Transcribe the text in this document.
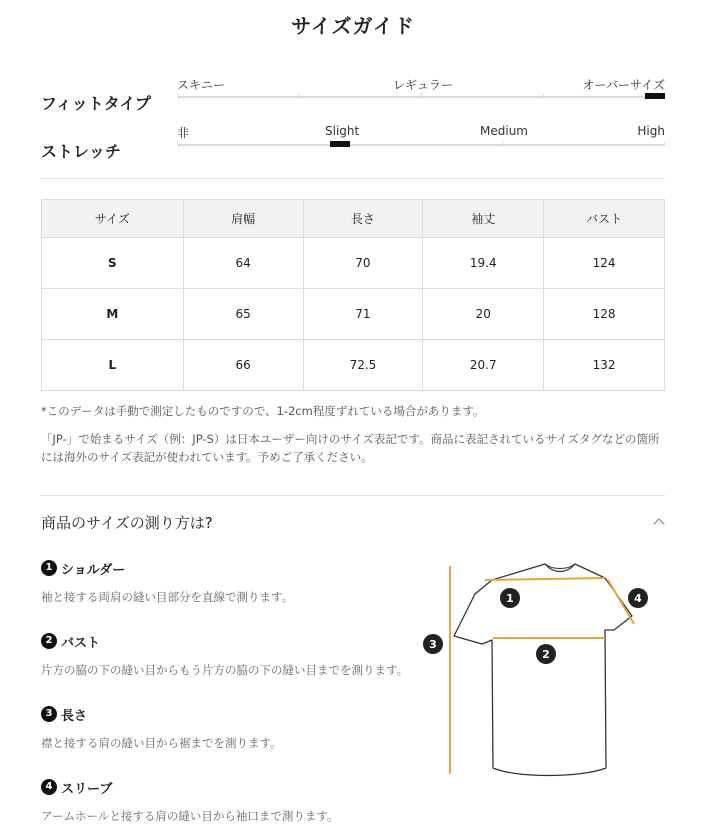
サイズガイド
フィットタイプ
スキニー	レギュラー	オーバーサイズ
ストレッチ
非	Slight	Medium	High
サイズ	肩幅	長さ	袖丈	バスト
S	64	70	19.4	124
M	65	71	20	128
L	66	72.5	20.7	132
*このデータは手動で測定したものですので、1-2cm程度ずれている場合があります。
「JP-」で始まるサイズ（例：JP-S）は日本ユーザー向けのサイズ表記です。商品に表記されているサイズタグなどの箇所には海外のサイズ表記が使われています。予めご了承ください。
商品のサイズの測り方は?
1 ショルダー
袖と接する両肩の縫い目部分を直線で測ります。
2 バスト
片方の脇の下の縫い目からもう片方の脇の下の縫い目までを測ります。
3 長さ
襟と接する肩の縫い目から裾までを測ります。
4 スリーブ
アームホールと接する肩の縫い目から袖口まで測ります。
1
2
3
4
